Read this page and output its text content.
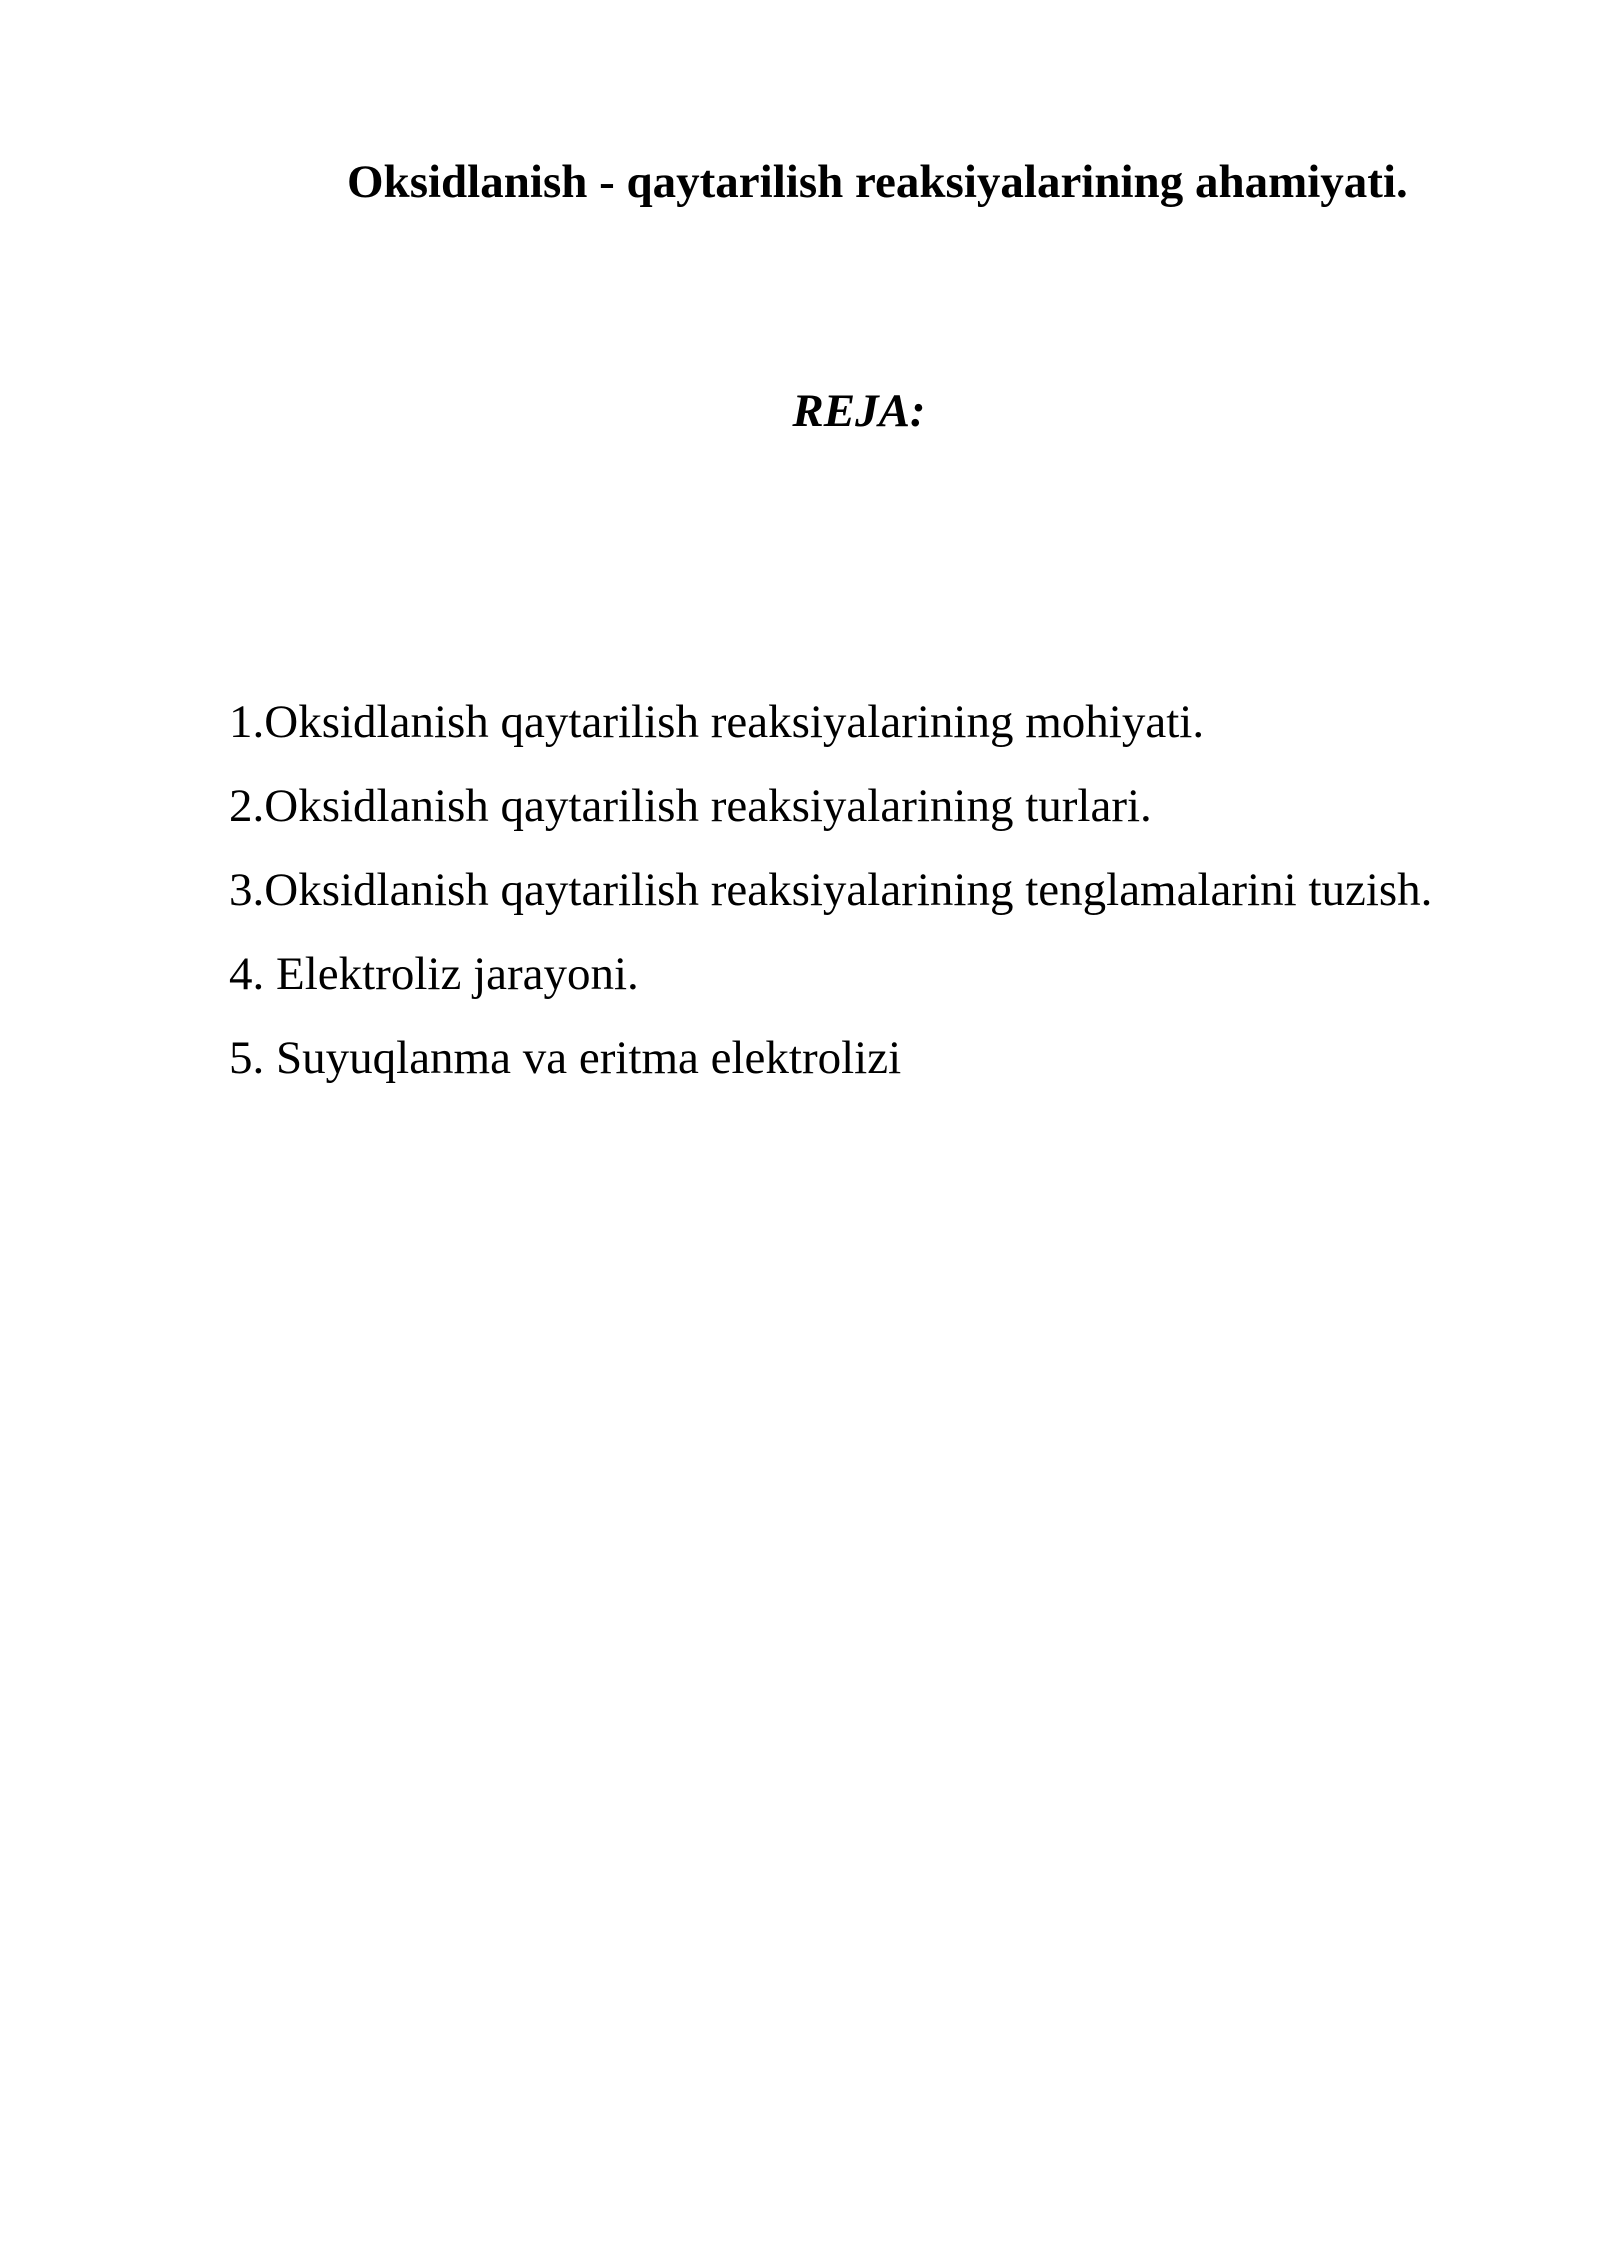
Oksidlanish - qaytarilish reaksiyalarining ahamiyati.
REJA:
1.Oksidlanish qaytarilish reaksiyalarining mohiyati.
2.Oksidlanish qaytarilish reaksiyalarining turlari.
3.Oksidlanish qaytarilish reaksiyalarining tenglamalarini tuzish.
4. Elektroliz jarayoni.
5. Suyuqlanma va eritma elektrolizi
